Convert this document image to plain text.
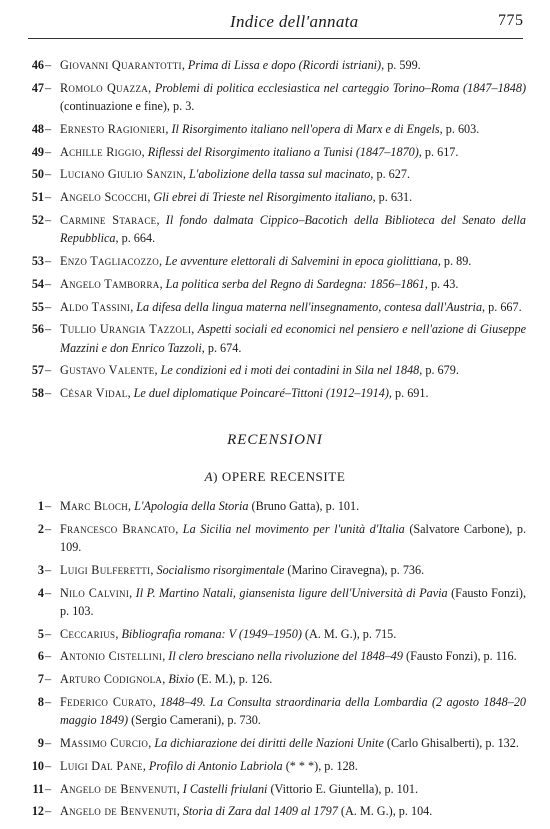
Indice dell'annata	775
46 – Giovanni Quarantotti, Prima di Lissa e dopo (Ricordi istriani), p. 599.
47 – Romolo Quazza, Problemi di politica ecclesiastica nel carteggio Torino–Roma (1847–1848) (continuazione e fine), p. 3.
48 – Ernesto Ragionieri, Il Risorgimento italiano nell'opera di Marx e di Engels, p. 603.
49 – Achille Riggio, Riflessi del Risorgimento italiano a Tunisi (1847–1870), p. 617.
50 – Luciano Giulio Sanzin, L'abolizione della tassa sul macinato, p. 627.
51 – Angelo Scocchi, Gli ebrei di Trieste nel Risorgimento italiano, p. 631.
52 – Carmine Starace, Il fondo dalmata Cippico–Bacotich della Biblioteca del Senato della Repubblica, p. 664.
53 – Enzo Tagliacozzo, Le avventure elettorali di Salvemini in epoca giolittiana, p. 89.
54 – Angelo Tamborra, La politica serba del Regno di Sardegna: 1856–1861, p. 43.
55 – Aldo Tassini, La difesa della lingua materna nell'insegnamento, contesa dall'Austria, p. 667.
56 – Tullio Urangia Tazzoli, Aspetti sociali ed economici nel pensiero e nell'azione di Giuseppe Mazzini e don Enrico Tazzoli, p. 674.
57 – Gustavo Valente, Le condizioni ed i moti dei contadini in Sila nel 1848, p. 679.
58 – César Vidal, Le duel diplomatique Poincaré–Tittoni (1912–1914), p. 691.
RECENSIONI
A) OPERE RECENSITE
1 – Marc Bloch, L'Apologia della Storia (Bruno Gatta), p. 101.
2 – Francesco Brancato, La Sicilia nel movimento per l'unità d'Italia (Salvatore Carbone), p. 109.
3 – Luigi Bulferetti, Socialismo risorgimentale (Marino Ciravegna), p. 736.
4 – Nilo Calvini, Il P. Martino Natali, giansenista ligure dell'Università di Pavia (Fausto Fonzi), p. 103.
5 – Ceccarius, Bibliografia romana: V (1949–1950) (A. M. G.), p. 715.
6 – Antonio Cistellini, Il clero bresciano nella rivoluzione del 1848–49 (Fausto Fonzi), p. 116.
7 – Arturo Codignola, Bixio (E. M.), p. 126.
8 – Federico Curato, 1848–49. La Consulta straordinaria della Lombardia (2 agosto 1848–20 maggio 1849) (Sergio Camerani), p. 730.
9 – Massimo Curcio, La dichiarazione dei diritti delle Nazioni Unite (Carlo Ghisalberti), p. 132.
10 – Luigi Dal Pane, Profilo di Antonio Labriola (* * *), p. 128.
11 – Angelo de Benvenuti, I Castelli friulani (Vittorio E. Giuntella), p. 101.
12 – Angelo de Benvenuti, Storia di Zara dal 1409 al 1797 (A. M. G.), p. 104.
